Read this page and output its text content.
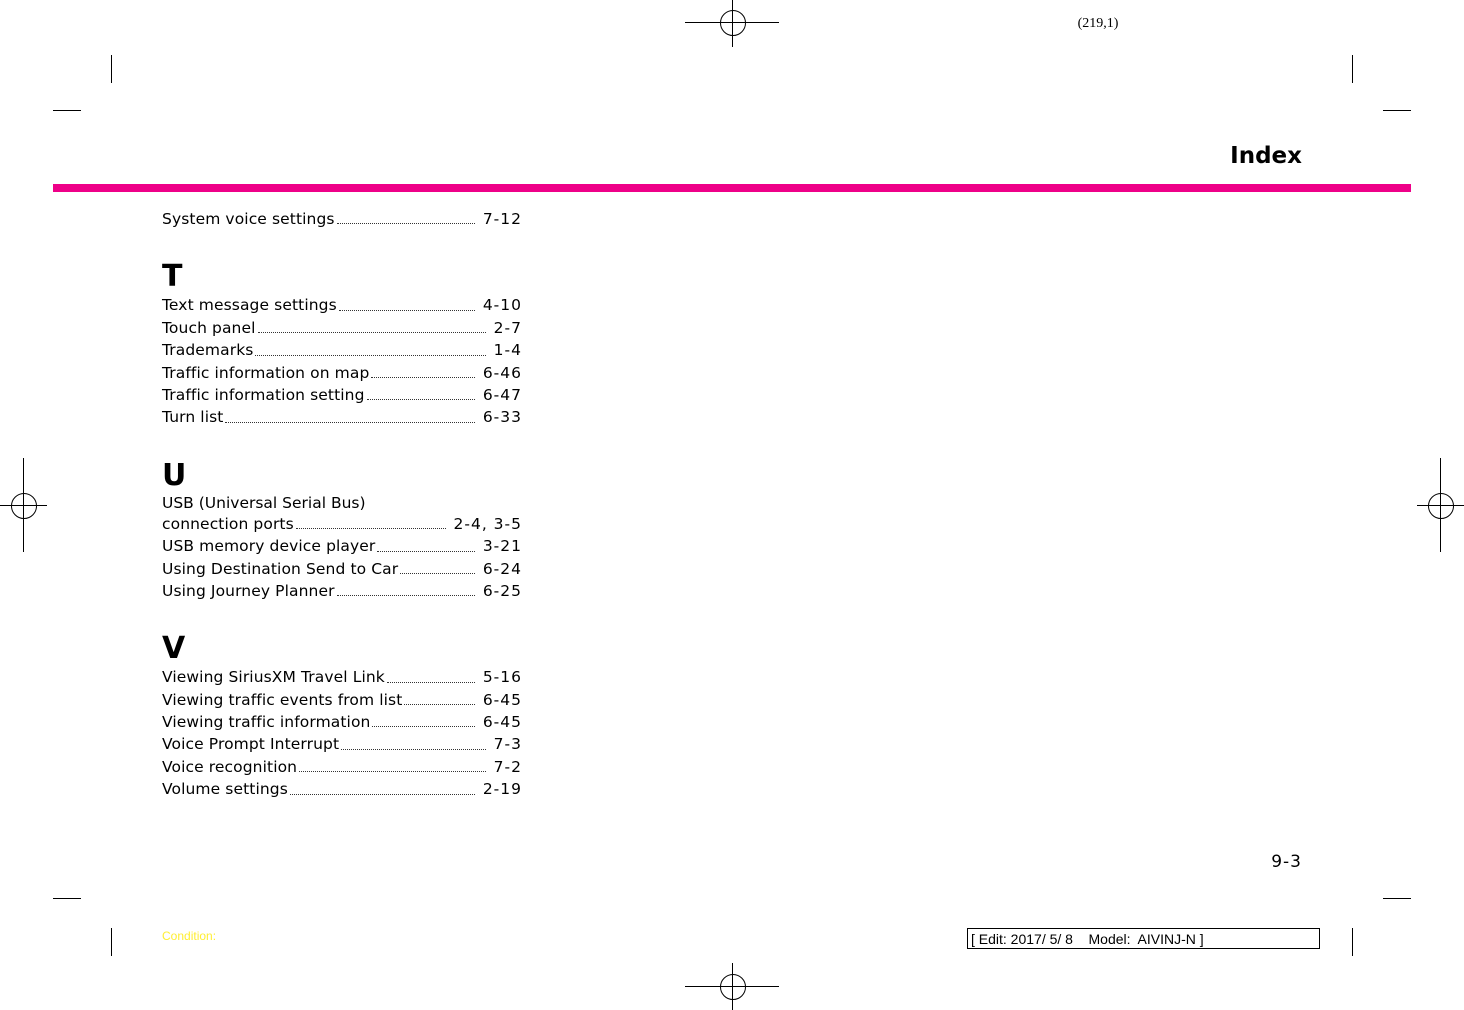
(219,1)
Index
System voice settings	7-12
T
Text message settings	4-10
Touch panel	2-7
Trademarks	1-4
Traffic information on map	6-46
Traffic information setting	6-47
Turn list	6-33
U
USB (Universal Serial Bus)
connection ports	2-4, 3-5
USB memory device player	3-21
Using Destination Send to Car	6-24
Using Journey Planner	6-25
V
Viewing SiriusXM Travel Link	5-16
Viewing traffic events from list	6-45
Viewing traffic information	6-45
Voice Prompt Interrupt	7-3
Voice recognition	7-2
Volume settings	2-19
9-3
Condition:	[ Edit: 2017/ 5/ 8    Model:  AIVINJ-N ]
